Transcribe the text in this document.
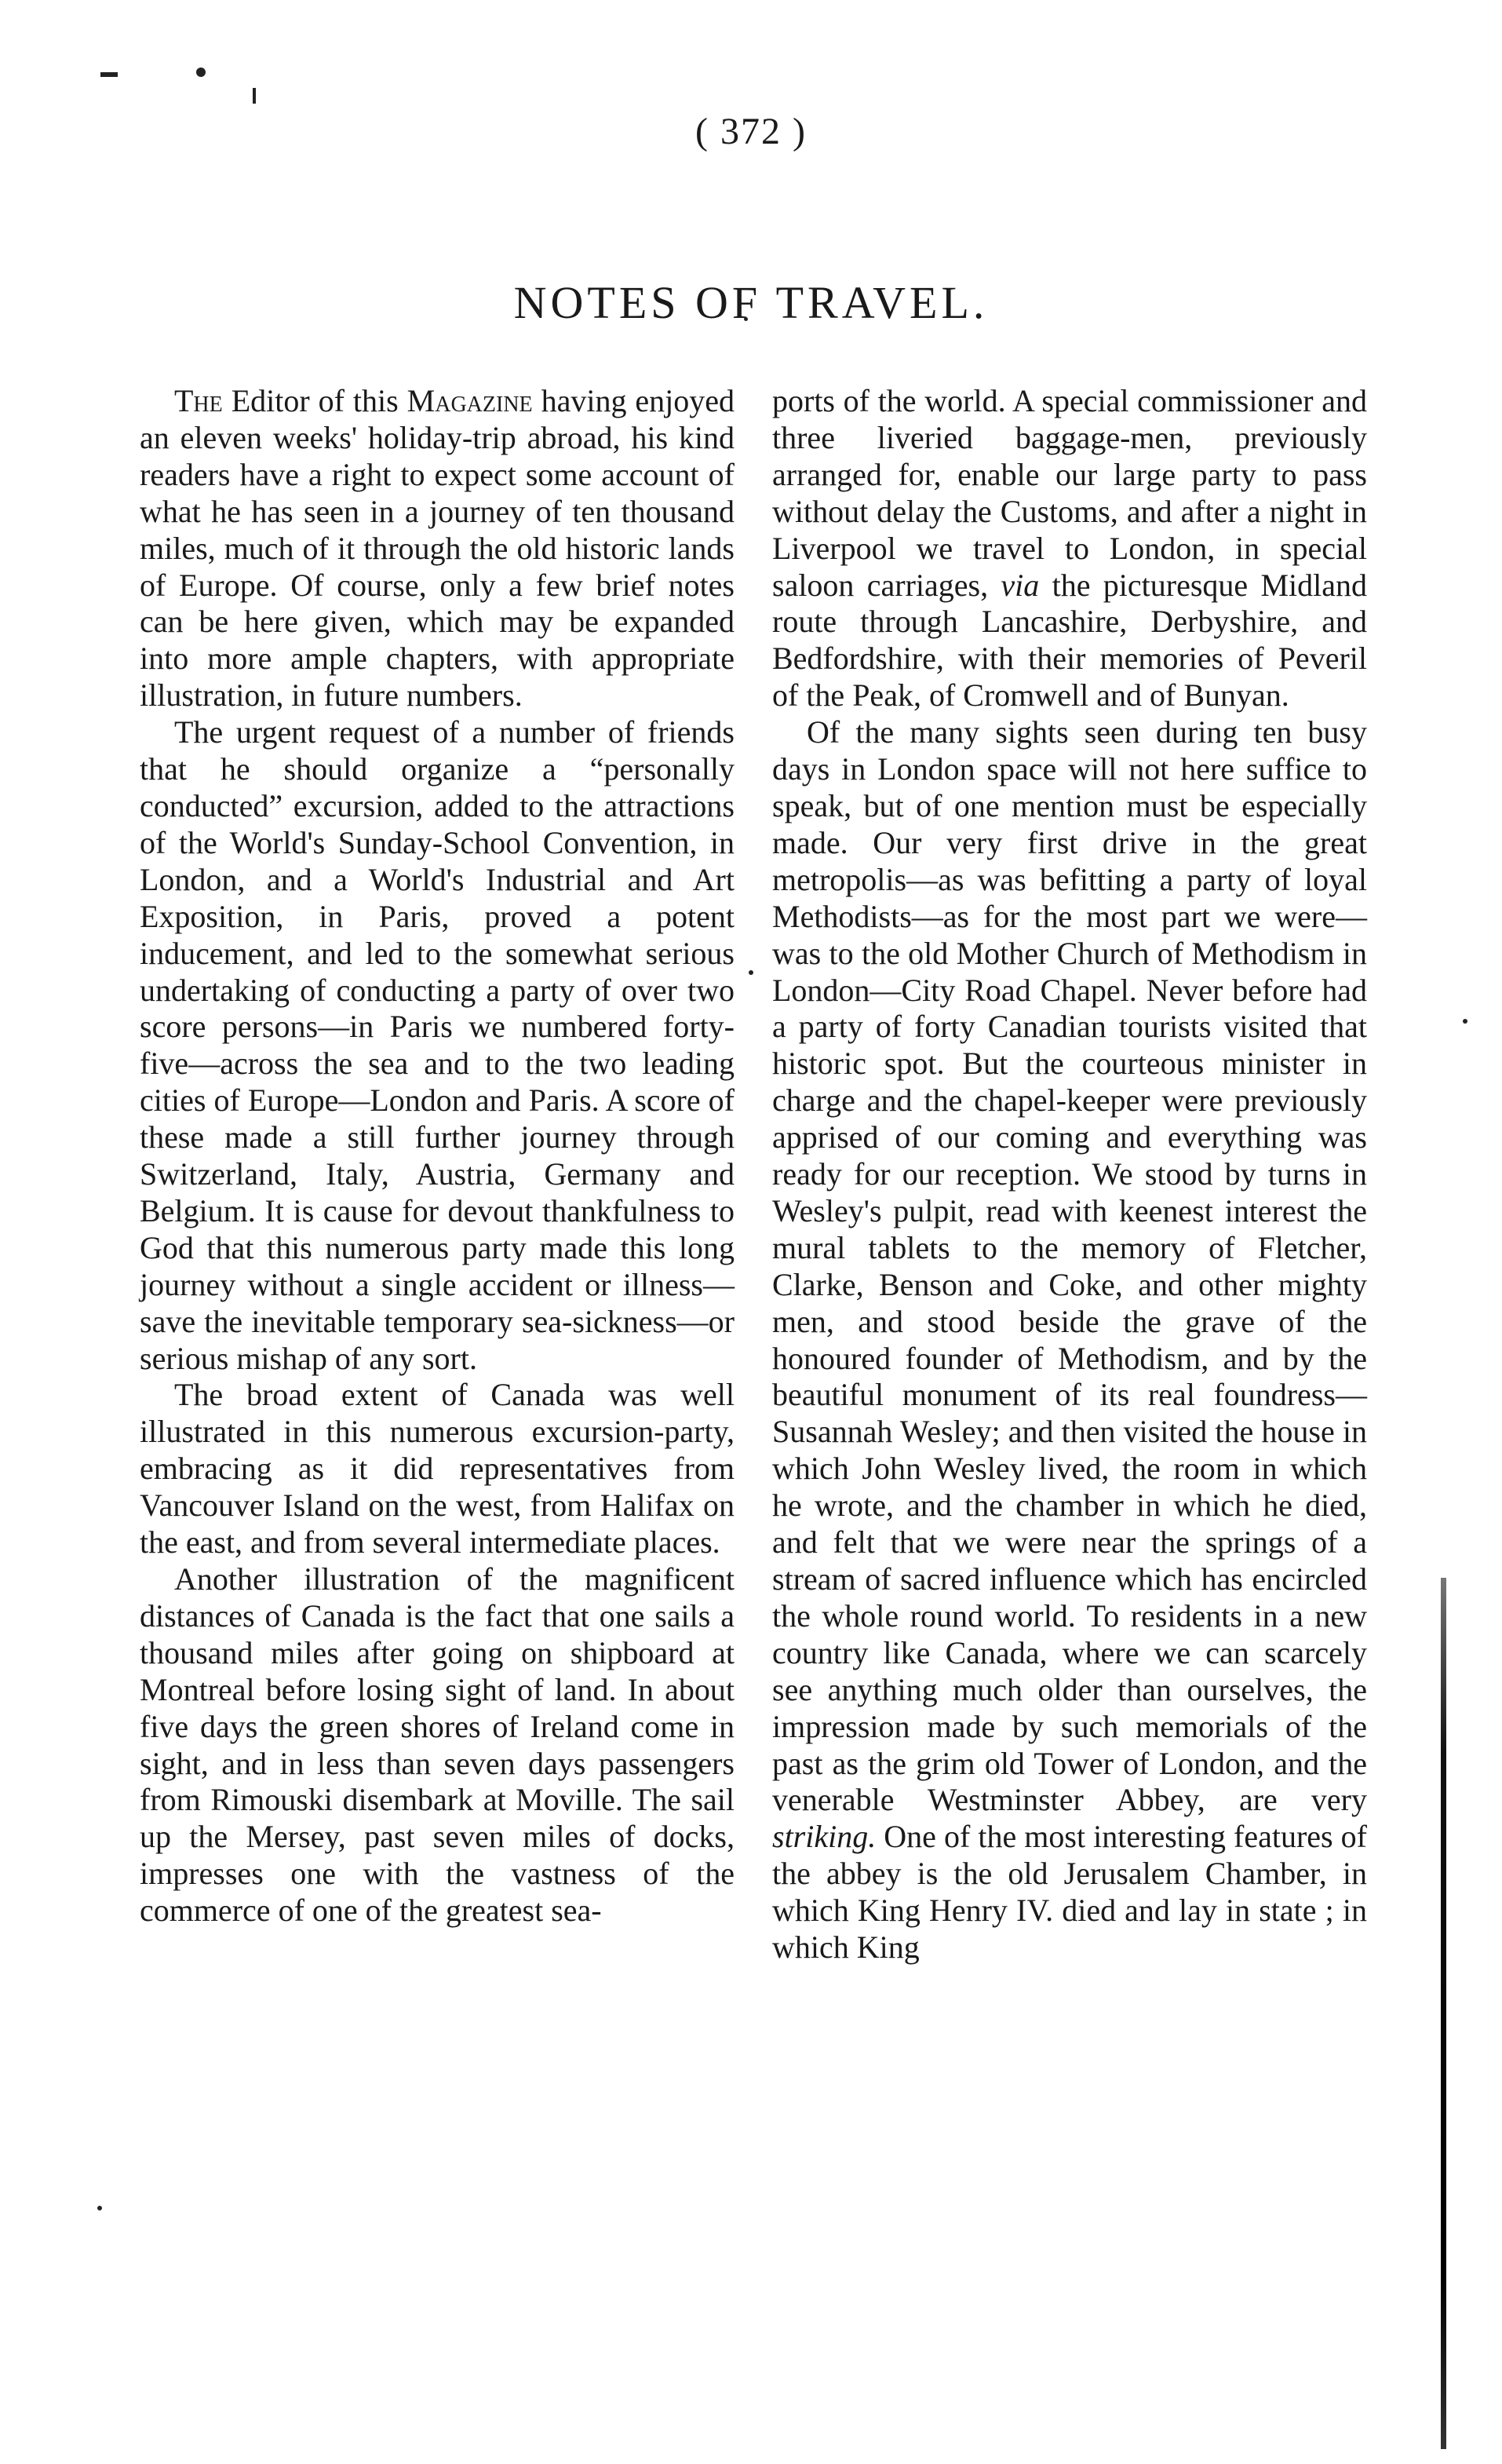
( 372 )
NOTES OF TRAVEL.

The Editor of this Magazine having enjoyed an eleven weeks' holiday-trip abroad, his kind readers have a right to expect some account of what he has seen in a journey of ten thousand miles, much of it through the old historic lands of Europe. Of course, only a few brief notes can be here given, which may be expanded into more ample chapters, with appropriate illustration, in future numbers.

The urgent request of a number of friends that he should organize a “personally conducted” excursion, added to the attractions of the World's Sunday-School Convention, in London, and a World's Industrial and Art Exposition, in Paris, proved a potent inducement, and led to the somewhat serious undertaking of conducting a party of over two score persons—in Paris we numbered forty-five—across the sea and to the two leading cities of Europe—London and Paris. A score of these made a still further journey through Switzerland, Italy, Austria, Germany and Belgium. It is cause for devout thankfulness to God that this numerous party made this long journey without a single accident or illness—save the inevitable temporary sea-sickness—or serious mishap of any sort.

The broad extent of Canada was well illustrated in this numerous excursion-party, embracing as it did representatives from Vancouver Island on the west, from Halifax on the east, and from several intermediate places.

Another illustration of the magnificent distances of Canada is the fact that one sails a thousand miles after going on shipboard at Montreal before losing sight of land. In about five days the green shores of Ireland come in sight, and in less than seven days passengers from Rimouski disembark at Moville. The sail up the Mersey, past seven miles of docks, impresses one with the vastness of the commerce of one of the greatest sea-

ports of the world. A special commissioner and three liveried baggage-men, previously arranged for, enable our large party to pass without delay the Customs, and after a night in Liverpool we travel to London, in special saloon carriages, via the picturesque Midland route through Lancashire, Derbyshire, and Bedfordshire, with their memories of Peveril of the Peak, of Cromwell and of Bunyan.

Of the many sights seen during ten busy days in London space will not here suffice to speak, but of one mention must be especially made. Our very first drive in the great metropolis—as was befitting a party of loyal Methodists—as for the most part we were—was to the old Mother Church of Methodism in London—City Road Chapel. Never before had a party of forty Canadian tourists visited that historic spot. But the courteous minister in charge and the chapel-keeper were previously apprised of our coming and everything was ready for our reception. We stood by turns in Wesley's pulpit, read with keenest interest the mural tablets to the memory of Fletcher, Clarke, Benson and Coke, and other mighty men, and stood beside the grave of the honoured founder of Methodism, and by the beautiful monument of its real foundress—Susannah Wesley; and then visited the house in which John Wesley lived, the room in which he wrote, and the chamber in which he died, and felt that we were near the springs of a stream of sacred influence which has encircled the whole round world. To residents in a new country like Canada, where we can scarcely see anything much older than ourselves, the impression made by such memorials of the past as the grim old Tower of London, and the venerable Westminster Abbey, are very striking. One of the most interesting features of the abbey is the old Jerusalem Chamber, in which King Henry IV. died and lay in state ; in which King
